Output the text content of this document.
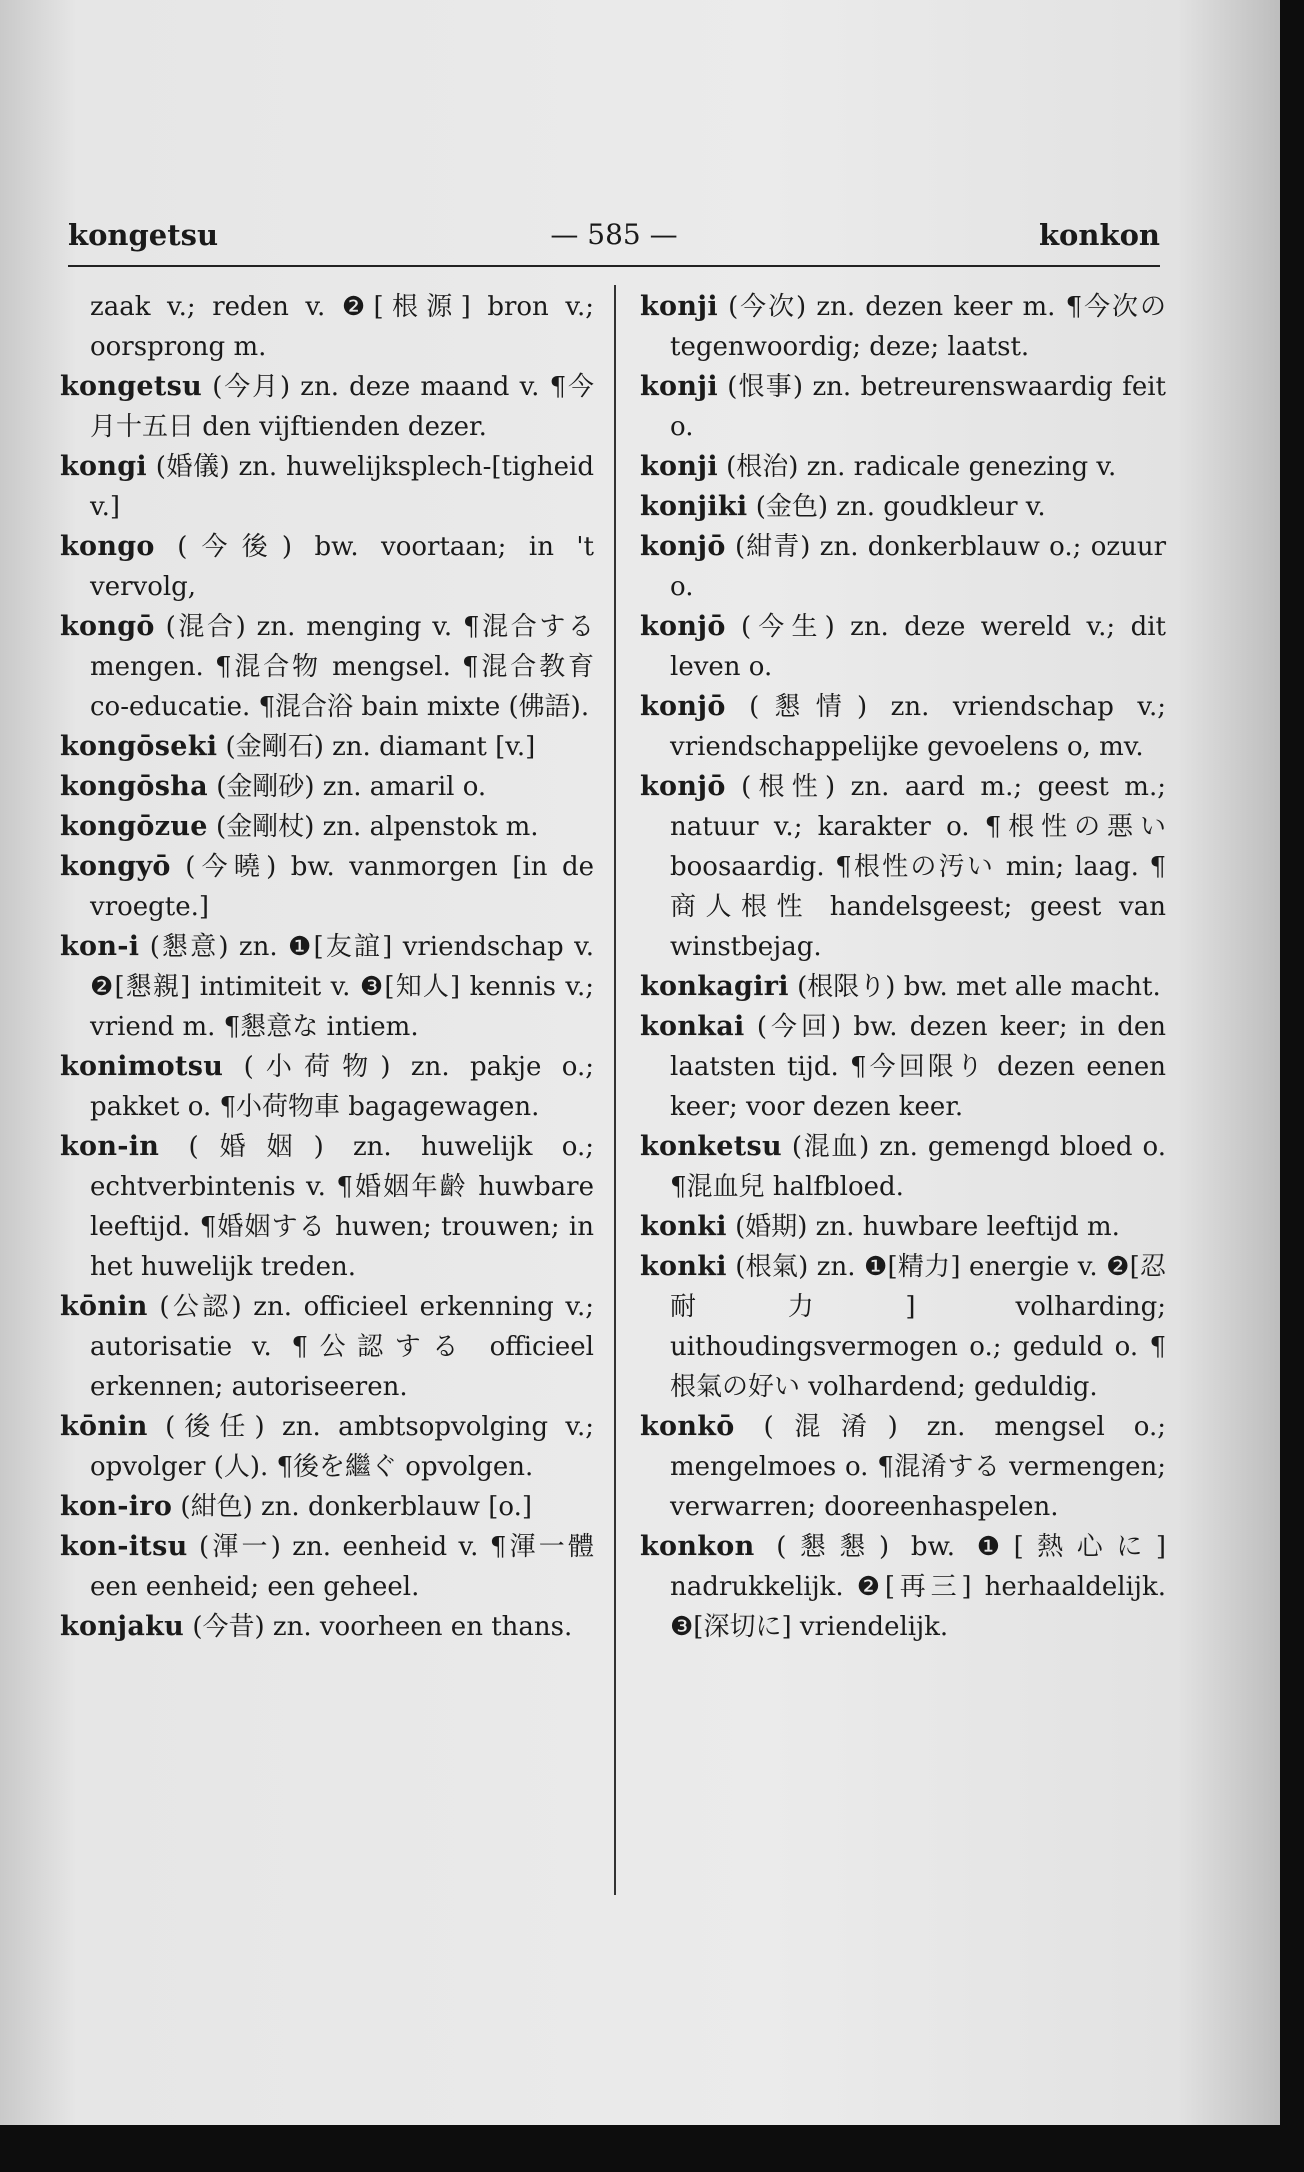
kongetsu	— 585 —	konkon

zaak v.; reden v. ❷[根源] bron v.; oorsprong m.

kongetsu (今月) zn. deze maand v. ¶今月十五日 den vijftienden dezer.

kongi (婚儀) zn. huwelijksplech-[tigheid v.]

kongo (今後) bw. voortaan; in 't vervolg,

kongō (混合) zn. menging v. ¶混合する mengen. ¶混合物 mengsel. ¶混合教育 co-educatie. ¶混合浴 bain mixte (佛語).

kongōseki (金剛石) zn. diamant [v.]

kongōsha (金剛砂) zn. amaril o.

kongōzue (金剛杖) zn. alpenstok m.

kongyō (今曉) bw. vanmorgen [in de vroegte.]

kon-i (懇意) zn. ❶[友誼] vriendschap v. ❷[懇親] intimiteit v. ❸[知人] kennis v.; vriend m. ¶懇意な intiem.

konimotsu (小荷物) zn. pakje o.; pakket o. ¶小荷物車 bagagewagen.

kon-in (婚姻) zn. huwelijk o.; echtverbintenis v. ¶婚姻年齡 huwbare leeftijd. ¶婚姻する huwen; trouwen; in het huwelijk treden.

kōnin (公認) zn. officieel erkenning v.; autorisatie v. ¶公認する officieel erkennen; autoriseeren.

kōnin (後任) zn. ambtsopvolging v.; opvolger (人). ¶後を繼ぐ opvolgen.

kon-iro (紺色) zn. donkerblauw [o.]

kon-itsu (渾一) zn. eenheid v. ¶渾一體 een eenheid; een geheel.

konjaku (今昔) zn. voorheen en thans.

konji (今次) zn. dezen keer m. ¶今次の tegenwoordig; deze; laatst.

konji (恨事) zn. betreurenswaardig feit o.

konji (根治) zn. radicale genezing v.

konjiki (金色) zn. goudkleur v.

konjō (紺青) zn. donkerblauw o.; ozuur o.

konjō (今生) zn. deze wereld v.; dit leven o.

konjō (懇情) zn. vriendschap v.; vriendschappelijke gevoelens o, mv.

konjō (根性) zn. aard m.; geest m.; natuur v.; karakter o. ¶根性の悪い boosaardig. ¶根性の汚い min; laag. ¶商人根性 handelsgeest; geest van winstbejag.

konkagiri (根限り) bw. met alle macht.

konkai (今回) bw. dezen keer; in den laatsten tijd. ¶今回限り dezen eenen keer; voor dezen keer.

konketsu (混血) zn. gemengd bloed o. ¶混血兒 halfbloed.

konki (婚期) zn. huwbare leeftijd m.

konki (根氣) zn. ❶[精力] energie v. ❷[忍耐力] volharding; uithoudingsvermogen o.; geduld o. ¶根氣の好い volhardend; geduldig.

konkō (混淆) zn. mengsel o.; mengelmoes o. ¶混淆する vermengen; verwarren; dooreenhaspelen.

konkon (懇懇) bw. ❶[熱心に] nadrukkelijk. ❷[再三] herhaaldelijk. ❸[深切に] vriendelijk.
